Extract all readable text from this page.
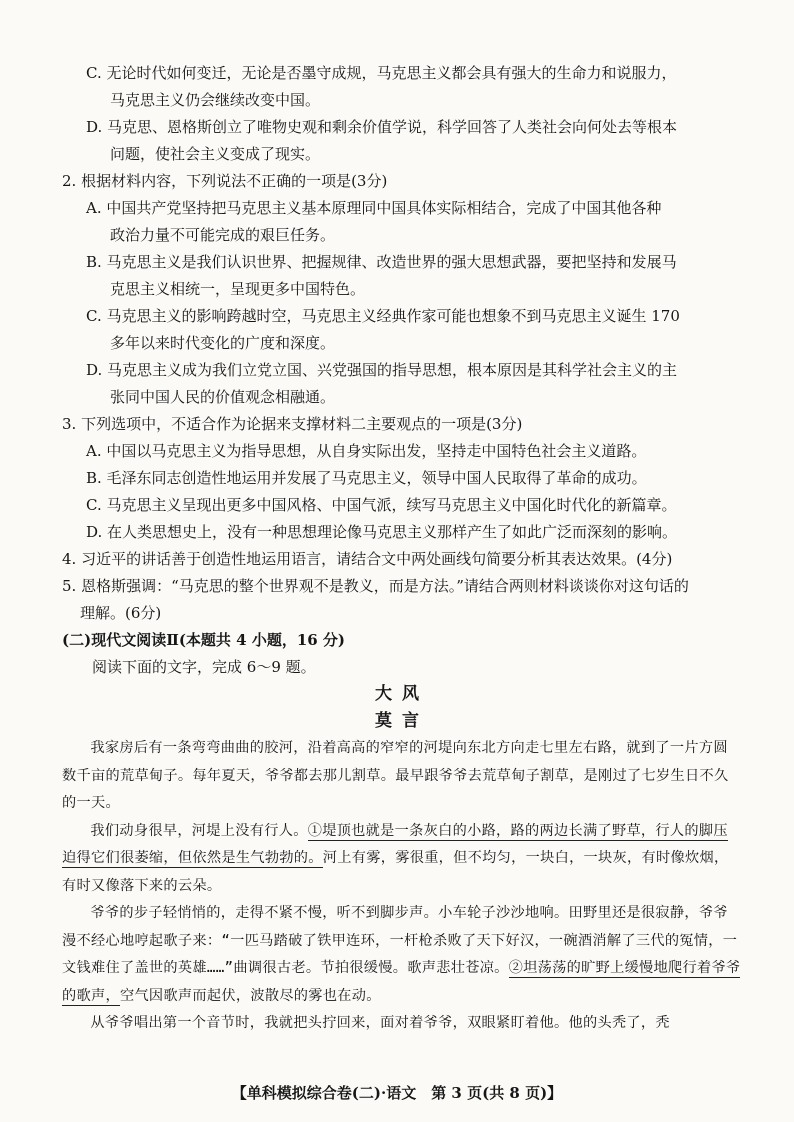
C. 无论时代如何变迁，无论是否墨守成规，马克思主义都会具有强大的生命力和说服力，
马克思主义仍会继续改变中国。
D. 马克思、恩格斯创立了唯物史观和剩余价值学说，科学回答了人类社会向何处去等根本
问题，使社会主义变成了现实。
2. 根据材料内容，下列说法不正确的一项是(3分)
A. 中国共产党坚持把马克思主义基本原理同中国具体实际相结合，完成了中国其他各种
政治力量不可能完成的艰巨任务。
B. 马克思主义是我们认识世界、把握规律、改造世界的强大思想武器，要把坚持和发展马
克思主义相统一，呈现更多中国特色。
C. 马克思主义的影响跨越时空，马克思主义经典作家可能也想象不到马克思主义诞生 170
多年以来时代变化的广度和深度。
D. 马克思主义成为我们立党立国、兴党强国的指导思想，根本原因是其科学社会主义的主
张同中国人民的价值观念相融通。
3. 下列选项中，不适合作为论据来支撑材料二主要观点的一项是(3分)
A. 中国以马克思主义为指导思想，从自身实际出发，坚持走中国特色社会主义道路。
B. 毛泽东同志创造性地运用并发展了马克思主义，领导中国人民取得了革命的成功。
C. 马克思主义呈现出更多中国风格、中国气派，续写马克思主义中国化时代化的新篇章。
D. 在人类思想史上，没有一种思想理论像马克思主义那样产生了如此广泛而深刻的影响。
4. 习近平的讲话善于创造性地运用语言，请结合文中两处画线句简要分析其表达效果。(4分)
5. 恩格斯强调：“马克思的整个世界观不是教义，而是方法。”请结合两则材料谈谈你对这句话的
理解。(6分)
(二)现代文阅读Ⅱ(本题共 4 小题，16 分)
阅读下面的文字，完成 6～9 题。
大风
莫言
我家房后有一条弯弯曲曲的胶河，沿着高高的窄窄的河堤向东北方向走七里左右路，就到了一片方圆数千亩的荒草甸子。每年夏天，爷爷都去那儿割草。最早跟爷爷去荒草甸子割草，是刚过了七岁生日不久的一天。
我们动身很早，河堤上没有行人。①堤顶也就是一条灰白的小路，路的两边长满了野草，行人的脚压迫得它们很萎缩，但依然是生气勃勃的。河上有雾，雾很重，但不均匀，一块白，一块灰，有时像炊烟，有时又像落下来的云朵。
爷爷的步子轻悄悄的，走得不紧不慢，听不到脚步声。小车轮子沙沙地响。田野里还是很寂静，爷爷漫不经心地哼起歌子来：“一匹马踏破了铁甲连环，一杆枪杀败了天下好汉，一碗酒消解了三代的冤情，一文钱难住了盖世的英雄……”曲调很古老。节拍很缓慢。歌声悲壮苍凉。②坦荡荡的旷野上缓慢地爬行着爷爷的歌声，空气因歌声而起伏，波散尽的雾也在动。
从爷爷唱出第一个音节时，我就把头拧回来，面对着爷爷，双眼紧盯着他。他的头秃了，秃
【单科模拟综合卷(二)·语文　第 3 页(共 8 页)】
